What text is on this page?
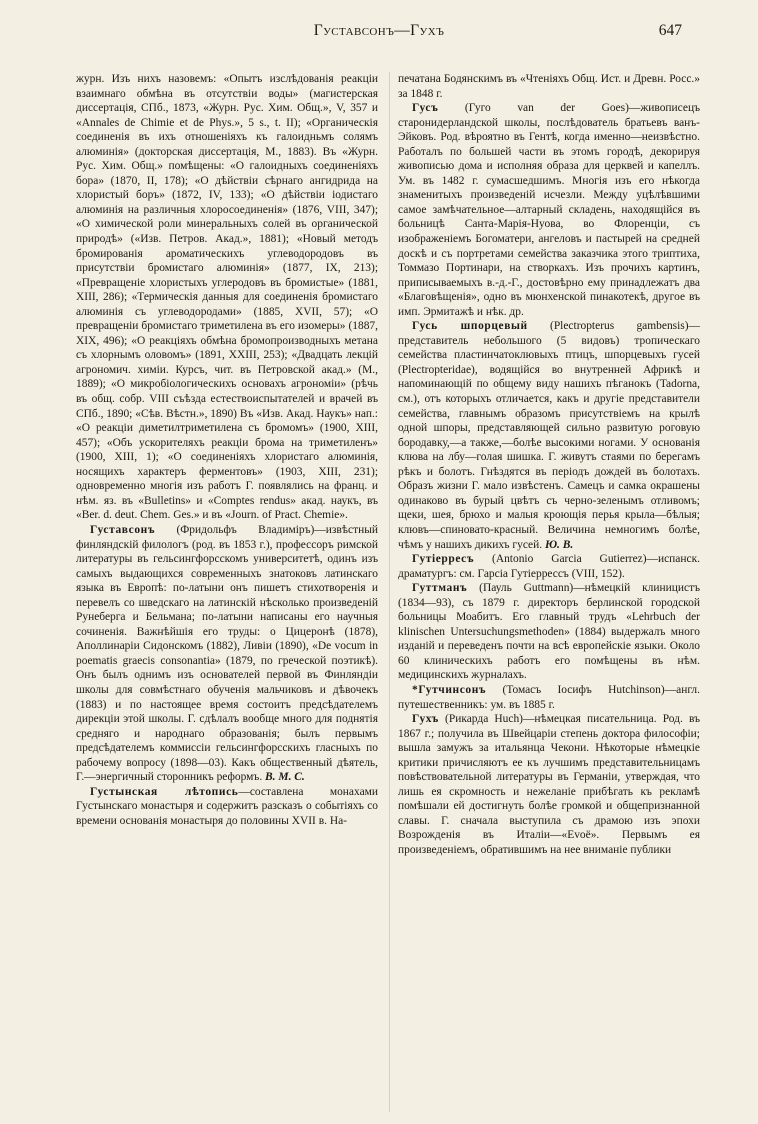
Густавсонъ—Гухъ	647

журн. Изъ нихъ назовемъ: «Опытъ изслѣдованія реакціи взаимнаго обмѣна въ отсутствіи воды» (магистерская диссертація, СПб., 1873, «Журн. Рус. Хим. Общ.», V, 357 и «Annales de Chimie et de Phys.», 5 s., t. II); «Органическія соединенія въ ихъ отношеніяхъ къ галоидньмъ солямъ алюминія» (докторская диссертація, М., 1883). Въ «Журн. Рус. Хим. Общ.» помѣщены: «О галоидныхъ соединеніяхъ бора» (1870, II, 178); «О дѣйствіи сѣрнаго ангидрида на хлористый боръ» (1872, IV, 133); «О дѣйствіи іодистаго алюминія на различныя хлоросоединенія» (1876, VIII, 347); «О химической роли минеральныхъ солей въ органической природѣ» («Изв. Петров. Акад.», 1881); «Новый методъ бромированія ароматическихъ углеводородовъ въ присутствіи бромистаго алюминія» (1877, IX, 213); «Превращеніе хлористыхъ углеродовъ въ бромистые» (1881, XIII, 286); «Термическія данныя для соединенія бромистаго алюминія съ углеводородами» (1885, XVII, 57); «О превращеніи бромистаго триметилена въ его изомеры» (1887, XIX, 496); «О реакціяхъ обмѣна бромопроизводныхъ метана съ хлорнымъ оловомъ» (1891, XXIII, 253); «Двадцать лекцій агрономич. химіи. Курсъ, чит. въ Петровской акад.» (М., 1889); «О микробіологическихъ основахъ агрономіи» (рѣчь въ общ. собр. VIII съѣзда естествоиспытателей и врачей въ СПб., 1890; «Сѣв. Вѣстн.», 1890) Въ «Изв. Акад. Наукъ» нап.: «О реакціи диметилтриметилена съ бромомъ» (1900, XIII, 457); «Объ ускорителяхъ реакціи брома на триметиленъ» (1900, XIII, 1); «О соединеніяхъ хлористаго алюминія, носящихъ характеръ ферментовъ» (1903, XIII, 231); одновременно многія изъ работъ Г. появлялись на франц. и нѣм. яз. въ «Bulletins» и «Comptes rendus» акад. наукъ, въ «Ber. d. deut. Chem. Ges.» и въ «Journ. of Pract. Chemie».

Густавсонъ (Фридольфъ Владиміръ)—извѣстный финляндскій филологъ (род. въ 1853 г.), профессоръ римской литературы въ гельсингфорсскомъ университетѣ, одинъ изъ самыхъ выдающихся современныхъ знатоковъ латинскаго языка въ Европѣ: по-латыни онъ пишетъ стихотворенія и перевелъ со шведскаго на латинскій нѣсколько произведеній Рунеберга и Бельмана; по-латыни написаны его научныя сочиненія. Важнѣйшія его труды: о Цицеронѣ (1878), Аполлинаріи Сидонскомъ (1882), Ливіи (1890), «De vocum in poematis graecis consonantia» (1879, по греческой поэтикѣ). Онъ былъ однимъ изъ основателей первой въ Финляндіи школы для совмѣстнаго обученія мальчиковъ и дѣвочекъ (1883) и по настоящее время состоитъ предсѣдателемъ дирекціи этой школы. Г. сдѣлалъ вообще много для поднятія средняго и народнаго образованія; былъ первымъ предсѣдателемъ коммиссіи гельсингфорсскихъ гласныхъ по рабочему вопросу (1898—03). Какъ общественный дѣятель, Г.—энергичный сторонникъ реформъ. В. М. С.

Густынская лѣтопись—составлена монахами Густынскаго монастыря и содержитъ разсказъ о событіяхъ со времени основанія монастыря до половины XVII в. На-

печатана Бодянскимъ въ «Чтеніяхъ Общ. Ист. и Древн. Росс.» за 1848 г.

Гусъ (Гуго van der Goes)—живописецъ старонидерландской школы, послѣдователь братьевъ ванъ-Эйковъ. Род. вѣроятно въ Гентѣ, когда именно—неизвѣстно. Работалъ по большей части въ этомъ городѣ, декорируя живописью дома и исполняя образа для церквей и капеллъ. Ум. въ 1482 г. сумасшедшимъ. Многія изъ его нѣкогда знаменитыхъ произведеній исчезли. Между уцѣлѣвшими самое замѣчательное—алтарный складень, находящійся въ больницѣ Санта-Марія-Нуова, во Флоренціи, съ изображеніемъ Богоматери, ангеловъ и пастырей на средней доскѣ и съ портретами семейства заказчика этого триптиха, Томмазо Портинари, на створкахъ. Изъ прочихъ картинъ, приписываемыхъ в.-д.-Г., достовѣрно ему принадлежатъ два «Благовѣщенія», одно въ мюнхенской пинакотекѣ, другое въ имп. Эрмитажѣ и нѣк. др.

Гусь шпорцевый (Plectropterus gambensis)—представитель небольшого (5 видовъ) тропическаго семейства пластинчатоклювыхъ птицъ, шпорцевыхъ гусей (Plectropteridae), водящійся во внутренней Африкѣ и напоминающій по общему виду нашихъ пѣганокъ (Tadorna, см.), отъ которыхъ отличается, какъ и другіе представители семейства, главнымъ образомъ присутствіемъ на крылѣ одной шпоры, представляющей сильно развитую роговую бородавку,—а также,—болѣе высокими ногами. У основанія клюва на лбу—голая шишка. Г. живутъ стаями по берегамъ рѣкъ и болотъ. Гнѣздятся въ періодъ дождей въ болотахъ. Образъ жизни Г. мало извѣстенъ. Самецъ и самка окрашены одинаково въ бурый цвѣтъ съ черно-зеленымъ отливомъ; щеки, шея, брюхо и малыя кроющія перья крыла—бѣлыя; клювъ—спиновато-красный. Величина немногимъ болѣе, чѣмъ у нашихъ дикихъ гусей. Ю. В.

Гутіерресъ (Antonio Garcia Gutierrez)—испанск. драматургъ: см. Гарсіа Гутіеррессъ (VIII, 152).

Гуттманъ (Пауль Guttmann)—нѣмецкій клиницистъ (1834—93), съ 1879 г. директоръ берлинской городской больницы Моабитъ. Его главный трудъ «Lehrbuch der klinischen Untersuchungsmethoden» (1884) выдержалъ много изданій и переведенъ почти на всѣ европейскіе языки. Около 60 клиническихъ работъ его помѣщены въ нѣм. медицинскихъ журналахъ.

*Гутчинсонъ (Томасъ Іосифъ Hutchinson)—англ. путешественникъ: ум. въ 1885 г.

Гухъ (Рикарда Huch)—нѣмецкая писательница. Род. въ 1867 г.; получила въ Швейцаріи степень доктора философіи; вышла замужъ за итальянца Чекони. Нѣкоторые нѣмецкіе критики причисляютъ ее къ лучшимъ представительницамъ повѣствовательной литературы въ Германіи, утверждая, что лишь ея скромность и нежеланіе прибѣгать къ рекламѣ помѣшали ей достигнуть болѣе громкой и общепризнанной славы. Г. сначала выступила съ драмою изъ эпохи Возрожденія въ Италіи—«Evoë». Первымъ ея произведеніемъ, обратившимъ на нее вниманіе публики
